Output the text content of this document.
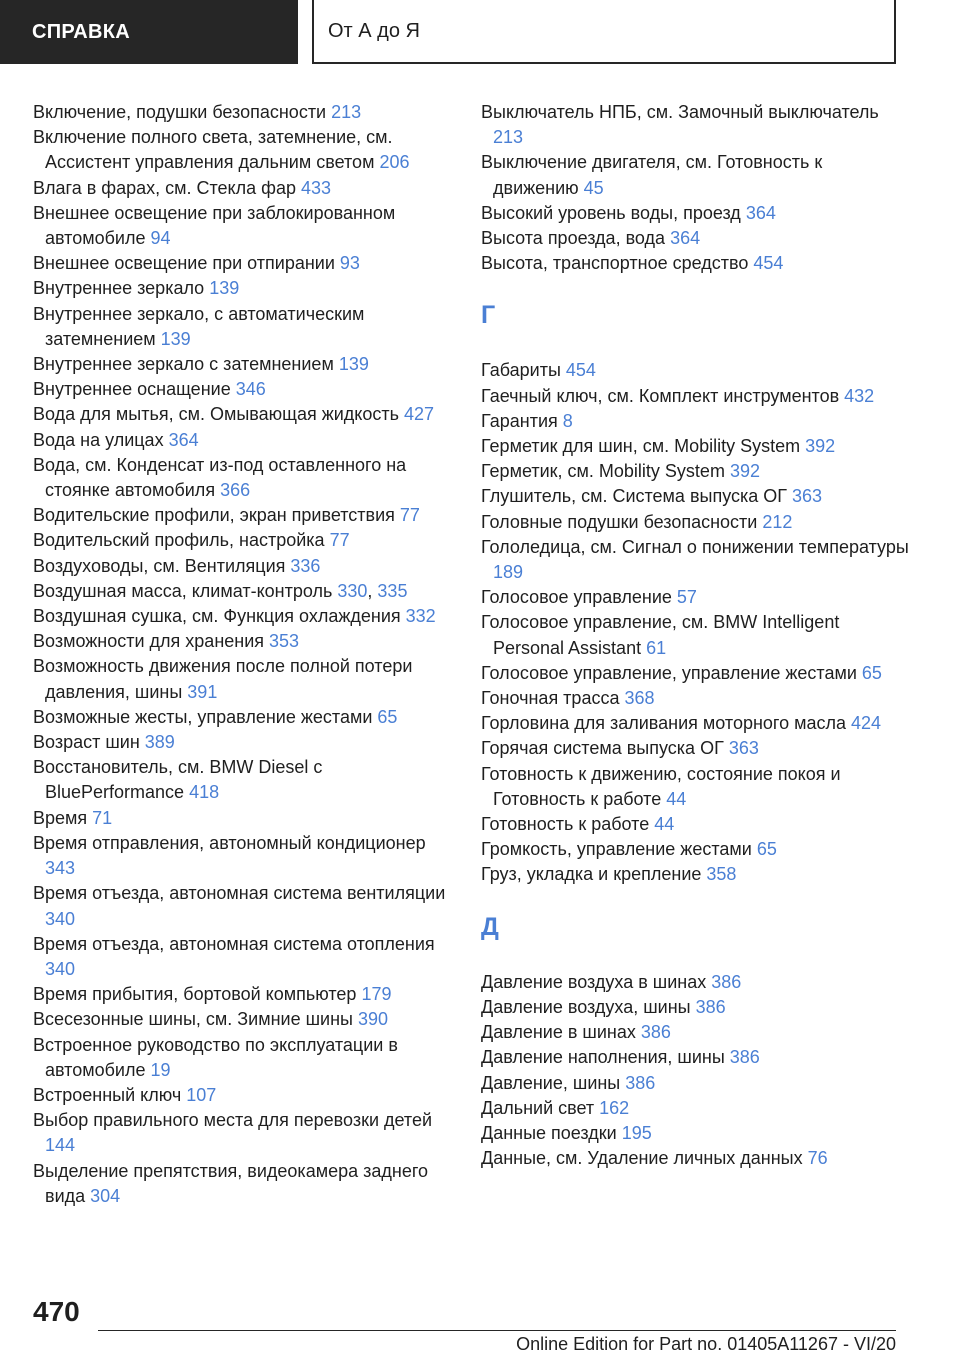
СПРАВКА	От А до Я
Включение, подушки безопасности 213
Включение полного света, затемнение, см. Ассистент управления дальним светом 206
Влага в фарах, см. Стекла фар 433
Внешнее освещение при заблокированном автомобиле 94
Внешнее освещение при отпирании 93
Внутреннее зеркало 139
Внутреннее зеркало, с автоматическим затемнением 139
Внутреннее зеркало с затемнением 139
Внутреннее оснащение 346
Вода для мытья, см. Омывающая жидкость 427
Вода на улицах 364
Вода, см. Конденсат из-под оставленного на стоянке автомобиля 366
Водительские профили, экран приветствия 77
Водительский профиль, настройка 77
Воздуховоды, см. Вентиляция 336
Воздушная масса, климат-контроль 330, 335
Воздушная сушка, см. Функция охлаждения 332
Возможности для хранения 353
Возможность движения после полной потери давления, шины 391
Возможные жесты, управление жестами 65
Возраст шин 389
Восстановитель, см. BMW Diesel с BluePerformance 418
Время 71
Время отправления, автономный кондиционер 343
Время отъезда, автономная система вентиляции 340
Время отъезда, автономная система отопления 340
Время прибытия, бортовой компьютер 179
Всесезонные шины, см. Зимние шины 390
Встроенное руководство по эксплуатации в автомобиле 19
Встроенный ключ 107
Выбор правильного места для перевозки детей 144
Выделение препятствия, видеокамера заднего вида 304
Выключатель НПБ, см. Замочный выключатель 213
Выключение двигателя, см. Готовность к движению 45
Высокий уровень воды, проезд 364
Высота проезда, вода 364
Высота, транспортное средство 454
Г
Габариты 454
Гаечный ключ, см. Комплект инструментов 432
Гарантия 8
Герметик для шин, см. Mobility System 392
Герметик, см. Mobility System 392
Глушитель, см. Система выпуска ОГ 363
Головные подушки безопасности 212
Гололедица, см. Сигнал о понижении температуры 189
Голосовое управление 57
Голосовое управление, см. BMW Intelligent Personal Assistant 61
Голосовое управление, управление жестами 65
Гоночная трасса 368
Горловина для заливания моторного масла 424
Горячая система выпуска ОГ 363
Готовность к движению, состояние покоя и Готовность к работе 44
Готовность к работе 44
Громкость, управление жестами 65
Груз, укладка и крепление 358
Д
Давление воздуха в шинах 386
Давление воздуха, шины 386
Давление в шинах 386
Давление наполнения, шины 386
Давление, шины 386
Дальний свет 162
Данные поездки 195
Данные, см. Удаление личных данных 76
470
Online Edition for Part no. 01405A11267 - VI/20
